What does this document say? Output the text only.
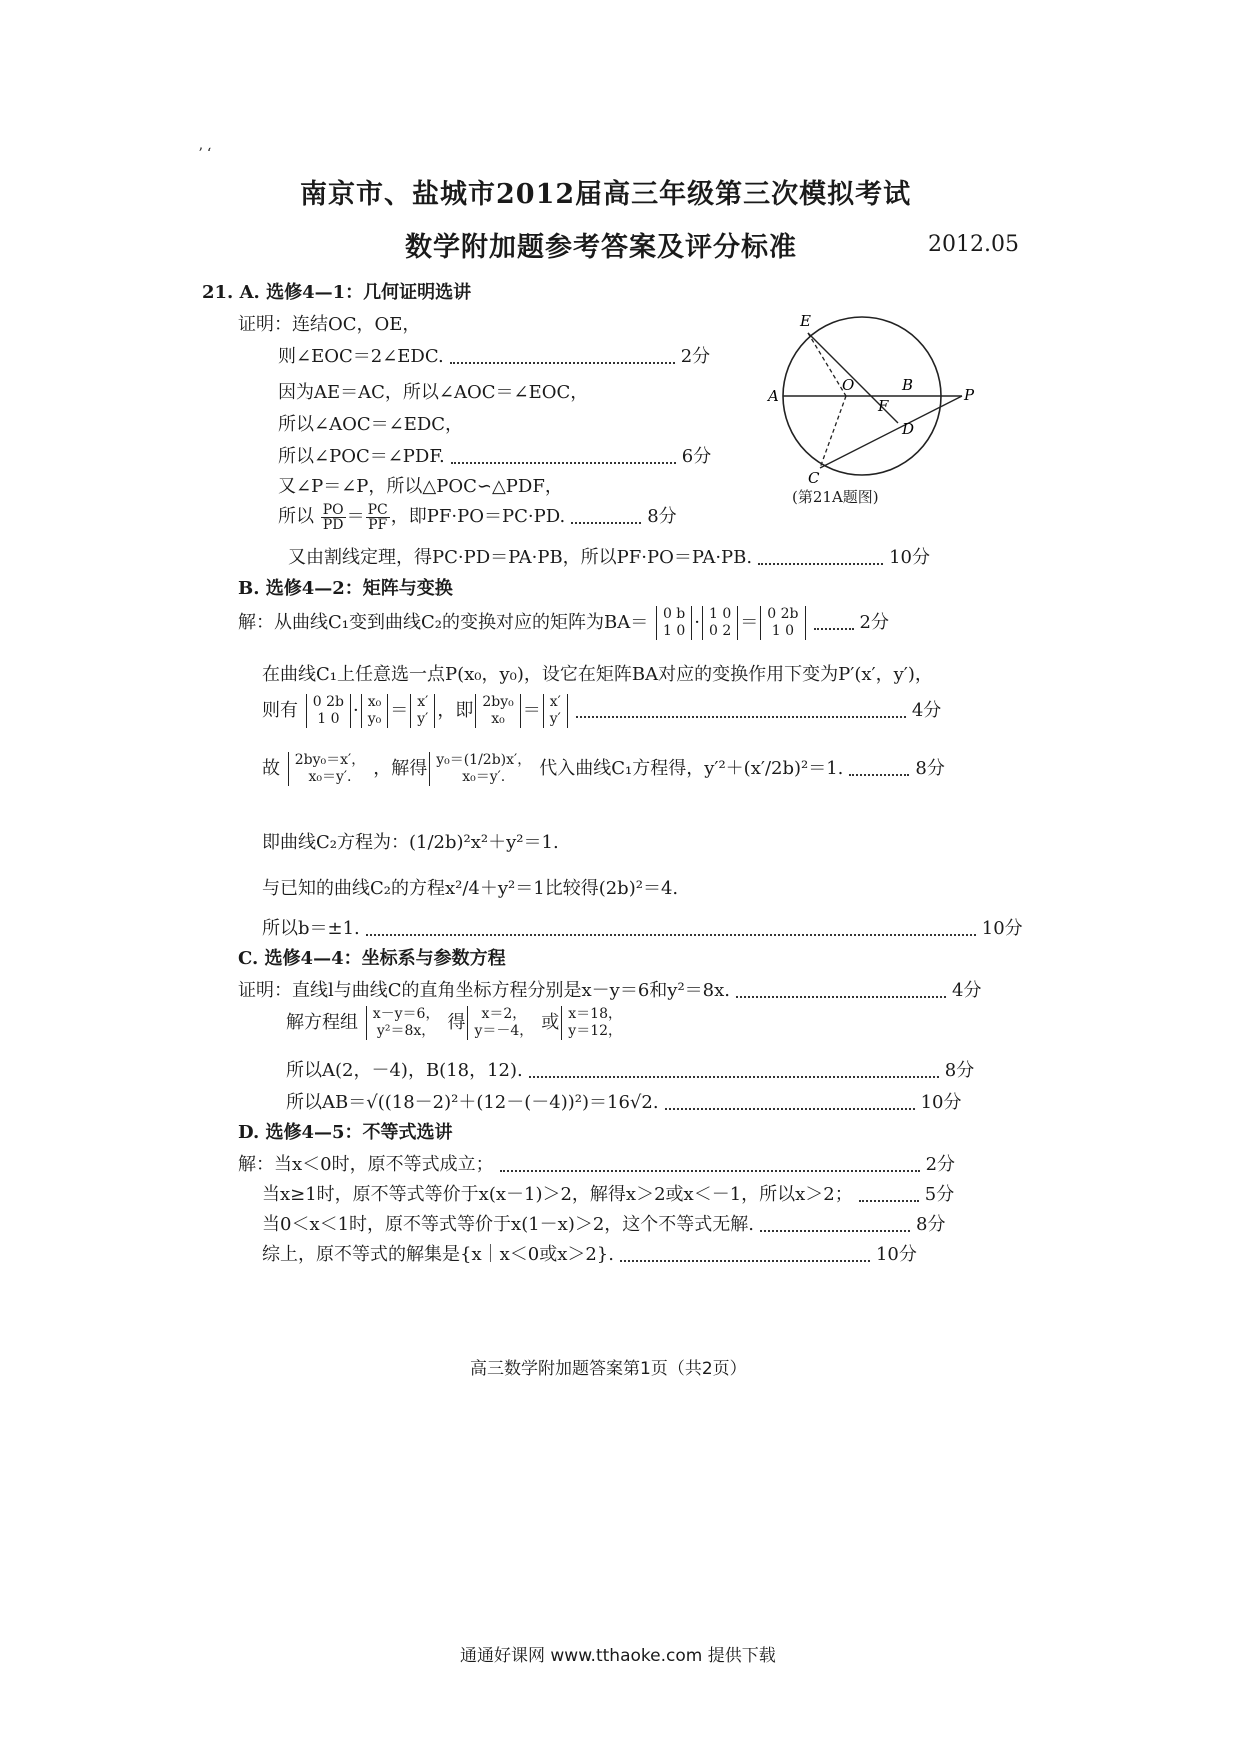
ʼ ʻ
南京市、盐城市2012届高三年级第三次模拟考试
数学附加题参考答案及评分标准	2012.05
21. A. 选修4—1：几何证明选讲
证明：连结OC，OE，
则∠EOC＝2∠EDC.	2分
因为AE＝AC，所以∠AOC＝∠EOC，
所以∠AOC＝∠EDC，
所以∠POC＝∠PDF.	6分
又∠P＝∠P，所以△POC∽△PDF，
所以 $\frac{PO}{PD} = \frac{PC}{PF}$ ，即PF·PO＝PC·PD.	8分
又由割线定理，得PC·PD＝PA·PB，所以PF·PO＝PA·PB.	10分
E
A
O	B
P
F
D
C
(第21A题图)
B. 选修4—2：矩阵与变换
解：从曲线C₁变到曲线C₂的变换对应的矩阵为BA＝ 0 b
1 0 · 1 0
0 2 ＝ 0 2b
1 0	2分
在曲线C₁上任意选一点P(x₀，y₀)，设它在矩阵BA对应的变换作用下变为P′(x′，y′)，
则有 0 2b
1 0 · x₀
y₀ ＝ x′
y′ ，即 2by₀
x₀ ＝ x′
y′	4分
故 2by₀＝x′，
x₀＝y′.	，解得 y₀＝(1/2b)x′，
x₀＝y′.	代入曲线C₁方程得，y′²＋(x′/2b)²＝1.	8分
即曲线C₂方程为：(1/2b)²x²＋y²＝1.
与已知的曲线C₂的方程x²/4＋y²＝1比较得(2b)²＝4.
所以b＝±1.	10分
C. 选修4—4：坐标系与参数方程
证明：直线l与曲线C的直角坐标方程分别是x－y＝6和y²＝8x.	4分
解方程组 x－y＝6，
y²＝8x， 得	x＝2，
y＝－4， 或 x＝18，
y＝12，
所以A(2，－4)，B(18，12).	8分
所以AB＝√((18－2)²＋(12－(－4))²)＝16√2.	10分
D. 选修4—5：不等式选讲
解：当x＜0时，原不等式成立；	2分
当x≥1时，原不等式等价于x(x－1)＞2，解得x＞2或x＜－1，所以x＞2；	5分
当0＜x＜1时，原不等式等价于x(1－x)＞2，这个不等式无解.	8分
综上，原不等式的解集是{x｜x＜0或x＞2}.	10分
高三数学附加题答案第1页（共2页）
通通好课网 www.tthaoke.com 提供下载
